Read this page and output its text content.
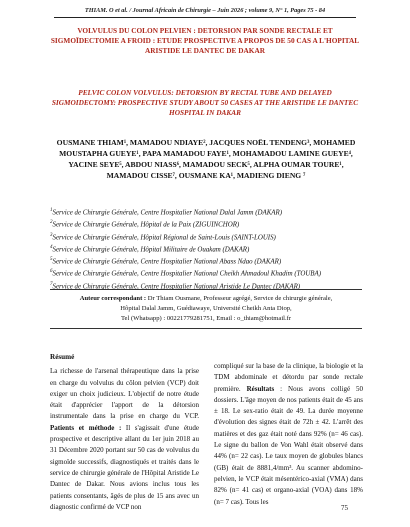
THIAM. O et al. / Journal Africain de Chirurgie – Juin 2026 ; volume 9, N° 1, Pages 75 - 84
VOLVULUS DU COLON PELVIEN : DETORSION PAR SONDE RECTALE ET SIGMOÏDECTOMIE A FROID : ETUDE PROSPECTIVE A PROPOS DE 50 CAS A L'HOPITAL ARISTIDE LE DANTEC DE DAKAR
PELVIC COLON VOLVULUS: DETORSION BY RECTAL TUBE AND DELAYED SIGMOIDECTOMY: PROSPECTIVE STUDY ABOUT 50 CASES AT THE ARISTIDE LE DANTEC HOSPITAL IN DAKAR
OUSMANE THIAM¹, MAMADOU NDIAYE², JACQUES NOËL TENDENG³, MOHAMED MOUSTAPHA GUEYE¹, PAPA MAMADOU FAYE¹, MOHAMADOU LAMINE GUEYE⁴, YACINE SEYE⁵, ABDOU NIASS⁶, MAMADOU SECK⁵, ALPHA OUMAR TOURE¹, MAMADOU CISSE⁷, OUSMANE KA¹, MADIENG DIENG ⁷
$^1$Service de Chirurgie Générale, Centre Hospitalier National Dalal Jamm (DAKAR)
$^2$Service de Chirurgie Générale, Hôpital de la Paix (ZIGUINCHOR)
$^3$Service de Chirurgie Générale, Hôpital Régional de Saint-Louis (SAINT-LOUIS)
$^4$Service de Chirurgie Générale, Hôpital Militaire de Ouakam (DAKAR)
$^5$Service de Chirurgie Générale, Centre Hospitalier National Abass Ndao (DAKAR)
$^6$Service de Chirurgie Générale, Centre Hospitalier National Cheikh Ahmadoul Khadim (TOUBA)
$^7$Service de Chirurgie Générale, Centre Hospitalier National Aristide Le Dantec (DAKAR)
Auteur correspondant : Dr Thiam Ousmane, Professeur agrégé, Service de chirurgie générale,
Hôpital Dalal Jamm, Guédiawaye, Université Cheikh Anta Diop,
Tel (Whatsapp) : 00221779281751, Email : o_thiam@hotmail.fr

Résumé

La richesse de l'arsenal thérapeutique dans la prise en charge du volvulus du côlon pelvien (VCP) doit exiger un choix judicieux. L'objectif de notre étude était d'apprécier l'apport de la détorsion instrumentale dans la prise en charge du VCP. Patients et méthode : Il s'agissait d'une étude prospective et descriptive allant du 1er juin 2018 au 31 Décembre 2020 portant sur 50 cas de volvulus du sigmoïde successifs, diagnostiqués et traités dans le service de chirurgie générale de l'Hôpital Aristide Le Dantec de Dakar. Nous avions inclus tous les patients consentants, âgés de plus de 15 ans avec un diagnostic confirmé de VCP non

compliqué sur la base de la clinique, la biologie et la TDM abdominale et détordu par sonde rectale première. Résultats : Nous avons colligé 50 dossiers. L'âge moyen de nos patients était de 45 ans ± 18. Le sex-ratio était de 49. La durée moyenne d'évolution des signes était de 72h ± 42. L'arrêt des matières et des gaz était noté dans 92% (n= 46 cas). Le signe du ballon de Von Wahl était observé dans 44% (n= 22 cas). Le taux moyen de globules blancs (GB) était de 8881,4/mm³. Au scanner abdomino-pelvien, le VCP était mésentérico-axial (VMA) dans 82% (n= 41 cas) et organo-axial (VOA) dans 18% (n= 7 cas). Tous les

75
